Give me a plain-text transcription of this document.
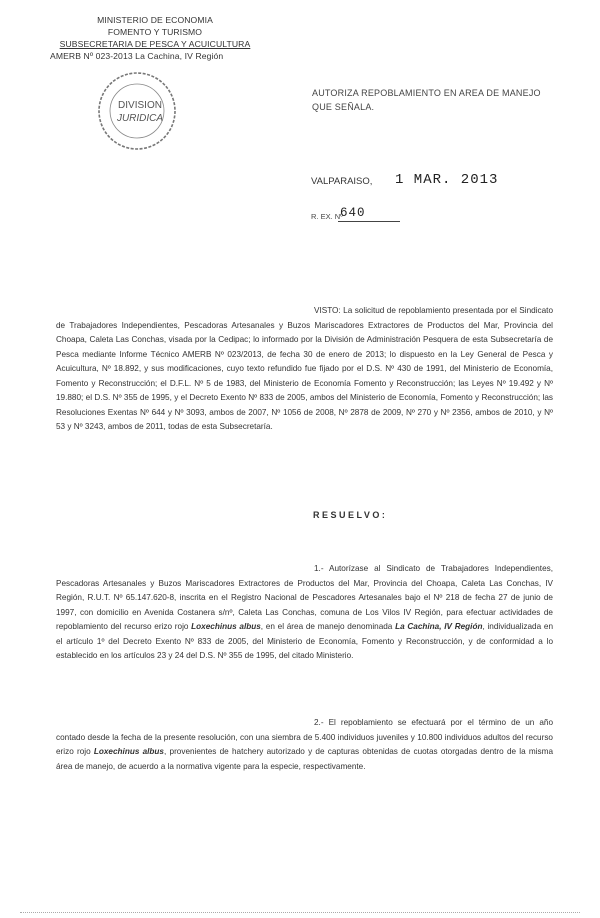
MINISTERIO DE ECONOMIA
FOMENTO Y TURISMO
SUBSECRETARIA DE PESCA Y ACUICULTURA
AMERB Nº 023-2013 La Cachina, IV Región
DIVISION
JURIDICA
AUTORIZA REPOBLAMIENTO EN AREA DE MANEJO QUE SEÑALA.
VALPARAISO, 1 MAR. 2013
R. EX. Nº
640
VISTO: La solicitud de repoblamiento presentada por el Sindicato de Trabajadores Independientes, Pescadoras Artesanales y Buzos Mariscadores Extractores de Productos del Mar, Provincia del Choapa, Caleta Las Conchas, visada por la Cedipac; lo informado por la División de Administración Pesquera de esta Subsecretaría de Pesca mediante Informe Técnico AMERB Nº 023/2013, de fecha 30 de enero de 2013; lo dispuesto en la Ley General de Pesca y Acuicultura, Nº 18.892, y sus modificaciones, cuyo texto refundido fue fijado por el D.S. Nº 430 de 1991, del Ministerio de Economía, Fomento y Reconstrucción; el D.F.L. Nº 5 de 1983, del Ministerio de Economía Fomento y Reconstrucción; las Leyes Nº 19.492 y Nº 19.880; el D.S. Nº 355 de 1995, y el Decreto Exento Nº 833 de 2005, ambos del Ministerio de Economía, Fomento y Reconstrucción; las Resoluciones Exentas Nº 644 y Nº 3093, ambos de 2007, Nº 1056 de 2008, Nº 2878 de 2009, Nº 270 y Nº 2356, ambos de 2010, y Nº 53 y Nº 3243, ambos de 2011, todas de esta Subsecretaría.
RESUELVO:
1.- Autorízase al Sindicato de Trabajadores Independientes, Pescadoras Artesanales y Buzos Mariscadores Extractores de Productos del Mar, Provincia del Choapa, Caleta Las Conchas, IV Región, R.U.T. Nº 65.147.620-8, inscrita en el Registro Nacional de Pescadores Artesanales bajo el Nº 218 de fecha 27 de junio de 1997, con domicilio en Avenida Costanera s/nº, Caleta Las Conchas, comuna de Los Vilos IV Región, para efectuar actividades de repoblamiento del recurso erizo rojo Loxechinus albus, en el área de manejo denominada La Cachina, IV Región, individualizada en el artículo 1º del Decreto Exento Nº 833 de 2005, del Ministerio de Economía, Fomento y Reconstrucción, y de conformidad a lo establecido en los artículos 23 y 24 del D.S. Nº 355 de 1995, del citado Ministerio.
2.- El repoblamiento se efectuará por el término de un año contado desde la fecha de la presente resolución, con una siembra de 5.400 individuos juveniles y 10.800 individuos adultos del recurso erizo rojo Loxechinus albus, provenientes de hatchery autorizado y de capturas obtenidas de cuotas otorgadas dentro de la misma área de manejo, de acuerdo a la normativa vigente para la especie, respectivamente.
